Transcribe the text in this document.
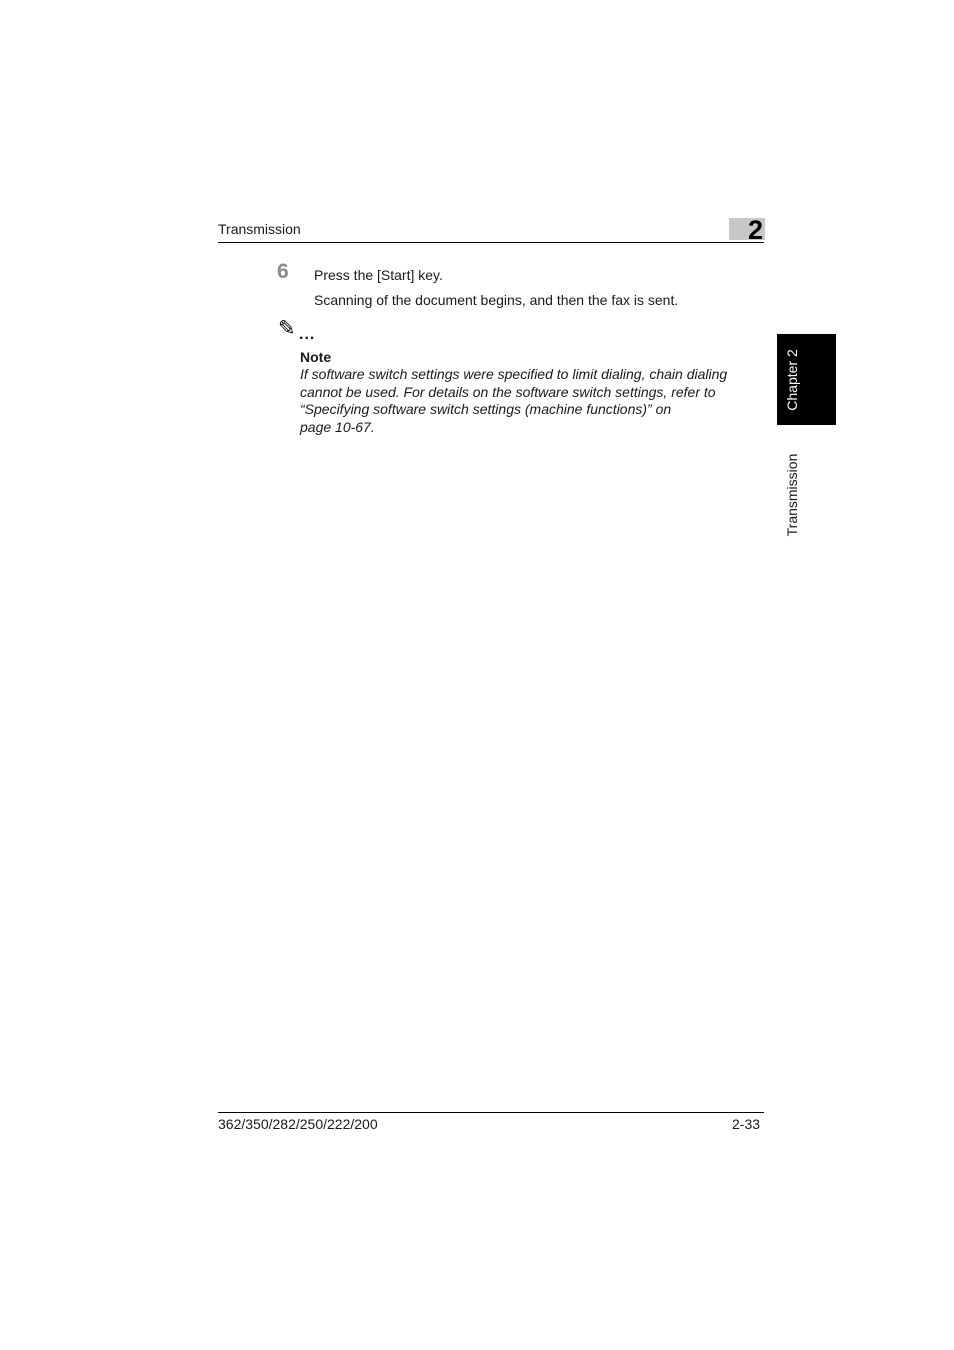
Transmission	2
6 Press the [Start] key.
Scanning of the document begins, and then the fax is sent.
✎ ...
Note
If software switch settings were specified to limit dialing, chain dialing
cannot be used. For details on the software switch settings, refer to
“Specifying software switch settings (machine functions)” on
page 10-67.
Chapter 2
Transmission
362/350/282/250/222/200	2-33
